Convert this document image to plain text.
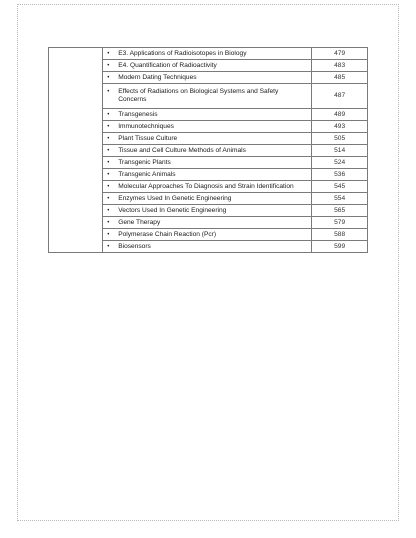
	• E3. Applications of Radioisotopes in Biology	479

	• E4. Quantification of Radioactivity	483

	• Modern Dating Techniques	485

	• Effects of Radiations on Biological Systems and Safety Concerns	487

	• Transgenesis	489

	• Immunotechniques	493

	• Plant Tissue Culture	505

	• Tissue and Cell Culture Methods of Animals	514

	• Transgenic Plants	524

	• Transgenic Animals	536

	• Molecular Approaches To Diagnosis and Strain Identification	545

	• Enzymes Used In Genetic Engineering	554

	• Vectors Used In Genetic Engineering	565

	• Gene Therapy	579

	• Polymerase Chain Reaction (Pcr)	588

	• Biosensors	599
